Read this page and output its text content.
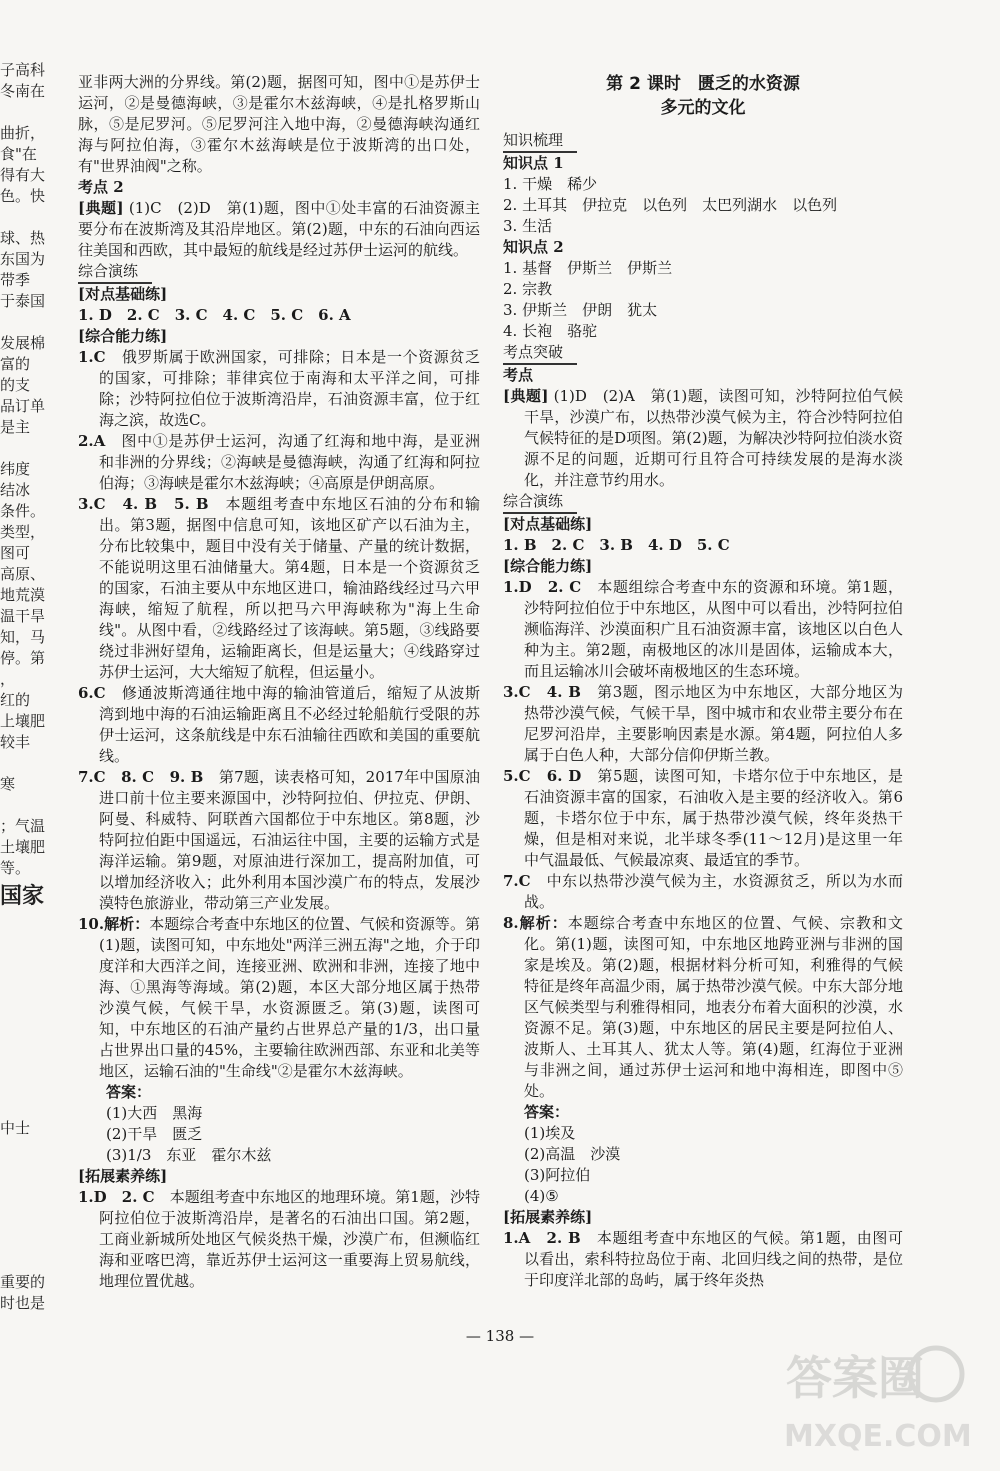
子高科
冬南在
曲折，
食"在
得有大
色。快
球、热
东国为
带季
于泰国
发展棉
富的
的支
品订单
是主
纬度
结冰
条件。
类型，
图可
高原、
地荒漠
温干旱
知，马
停。第
，
红的
上壤肥
较丰
寒
；气温
土壤肥
等。
国家
中士
重要的
时也是

亚非两大洲的分界线。第(2)题，据图可知，图中①是苏伊士运河，②是曼德海峡，③是霍尔木兹海峡，④是扎格罗斯山脉，⑤是尼罗河。⑤尼罗河注入地中海，②曼德海峡沟通红海与阿拉伯海，③霍尔木兹海峡是位于波斯湾的出口处，有"世界油阀"之称。

考点 2

[典题] (1)C　(2)D　第(1)题，图中①处丰富的石油资源主要分布在波斯湾及其沿岸地区。第(2)题，中东的石油向西运往美国和西欧，其中最短的航线是经过苏伊士运河的航线。

综合演练

[对点基础练]

1. D　2. C　3. C　4. C　5. C　6. A

[综合能力练]

1.C　 俄罗斯属于欧洲国家，可排除；日本是一个资源贫乏的国家，可排除；菲律宾位于南海和太平洋之间，可排除；沙特阿拉伯位于波斯湾沿岸，石油资源丰富，位于红海之滨，故选C。

2.A　 图中①是苏伊士运河，沟通了红海和地中海，是亚洲和非洲的分界线；②海峡是曼德海峡，沟通了红海和阿拉伯海；③海峡是霍尔木兹海峡；④高原是伊朗高原。

3.C　4. B　5. B　 本题组考查中东地区石油的分布和输出。第3题，据图中信息可知，该地区矿产以石油为主，分布比较集中，题目中没有关于储量、产量的统计数据，不能说明这里石油储量大。第4题，日本是一个资源贫乏的国家，石油主要从中东地区进口，输油路线经过马六甲海峡，缩短了航程，所以把马六甲海峡称为"海上生命线"。从图中看，②线路经过了该海峡。第5题，③线路要绕过非洲好望角，运输距离长，但是运量大；④线路穿过苏伊士运河，大大缩短了航程，但运量小。

6.C　 修通波斯湾通往地中海的输油管道后，缩短了从波斯湾到地中海的石油运输距离且不必经过轮船航行受限的苏伊士运河，这条航线是中东石油输往西欧和美国的重要航线。

7.C　8. C　9. B　 第7题，读表格可知，2017年中国原油进口前十位主要来源国中，沙特阿拉伯、伊拉克、伊朗、阿曼、科威特、阿联酋六国都位于中东地区。第8题，沙特阿拉伯距中国遥远，石油运往中国，主要的运输方式是海洋运输。第9题，对原油进行深加工，提高附加值，可以增加经济收入；此外利用本国沙漠广布的特点，发展沙漠特色旅游业，带动第三产业发展。

10.解析：本题综合考查中东地区的位置、气候和资源等。第(1)题，读图可知，中东地处"两洋三洲五海"之地，介于印度洋和大西洋之间，连接亚洲、欧洲和非洲，连接了地中海、①黑海等海域。第(2)题，本区大部分地区属于热带沙漠气候，气候干旱，水资源匮乏。第(3)题，读图可知，中东地区的石油产量约占世界总产量的1/3，出口量占世界出口量的45%，主要输往欧洲西部、东亚和北美等地区，运输石油的"生命线"②是霍尔木兹海峡。

答案：

(1)大西　黑海

(2)干旱　匮乏

(3)1/3　东亚　霍尔木兹

[拓展素养练]

1.D　2. C　 本题组考查中东地区的地理环境。第1题，沙特阿拉伯位于波斯湾沿岸，是著名的石油出口国。第2题，工商业新城所处地区气候炎热干燥，沙漠广布，但濒临红海和亚喀巴湾，靠近苏伊士运河这一重要海上贸易航线，地理位置优越。

第 2 课时　匮乏的水资源
多元的文化
知识梳理

知识点 1

1. 干燥　稀少

2. 土耳其　伊拉克　以色列　太巴列湖水　以色列

3. 生活

知识点 2

1. 基督　伊斯兰　伊斯兰

2. 宗教

3. 伊斯兰　伊朗　犹太

4. 长袍　骆驼

考点突破

考点

[典题] (1)D　(2)A　第(1)题，读图可知，沙特阿拉伯气候干旱，沙漠广布，以热带沙漠气候为主，符合沙特阿拉伯气候特征的是D项图。第(2)题，为解决沙特阿拉伯淡水资源不足的问题，近期可行且符合可持续发展的是海水淡化，并注意节约用水。

综合演练

[对点基础练]

1. B　2. C　3. B　4. D　5. C

[综合能力练]

1.D　2. C　 本题组综合考查中东的资源和环境。第1题，沙特阿拉伯位于中东地区，从图中可以看出，沙特阿拉伯濒临海洋、沙漠面积广且石油资源丰富，该地区以白色人种为主。第2题，南极地区的冰川是固体，运输成本大，而且运输冰川会破坏南极地区的生态环境。

3.C　4. B　 第3题，图示地区为中东地区，大部分地区为热带沙漠气候，气候干旱，图中城市和农业带主要分布在尼罗河沿岸，主要影响因素是水源。第4题，阿拉伯人多属于白色人种，大部分信仰伊斯兰教。

5.C　6. D　 第5题，读图可知，卡塔尔位于中东地区，是石油资源丰富的国家，石油收入是主要的经济收入。第6题，卡塔尔位于中东，属于热带沙漠气候，终年炎热干燥，但是相对来说，北半球冬季(11～12月)是这里一年中气温最低、气候最凉爽、最适宜的季节。

7.C　 中东以热带沙漠气候为主，水资源贫乏，所以为水而战。

8.解析：本题综合考查中东地区的位置、气候、宗教和文化。第(1)题，读图可知，中东地区地跨亚洲与非洲的国家是埃及。第(2)题，根据材料分析可知，利雅得的气候特征是终年高温少雨，属于热带沙漠气候。中东大部分地区气候类型与利雅得相同，地表分布着大面积的沙漠，水资源不足。第(3)题，中东地区的居民主要是阿拉伯人、波斯人、土耳其人、犹太人等。第(4)题，红海位于亚洲与非洲之间，通过苏伊士运河和地中海相连，即图中⑤处。

答案：

(1)埃及

(2)高温　沙漠

(3)阿拉伯

(4)⑤

[拓展素养练]

1.A　2. B　 本题组考查中东地区的气候。第1题，由图可以看出，索科特拉岛位于南、北回归线之间的热带，是位于印度洋北部的岛屿，属于终年炎热

— 138 —
答案圈
MXQE.COM
